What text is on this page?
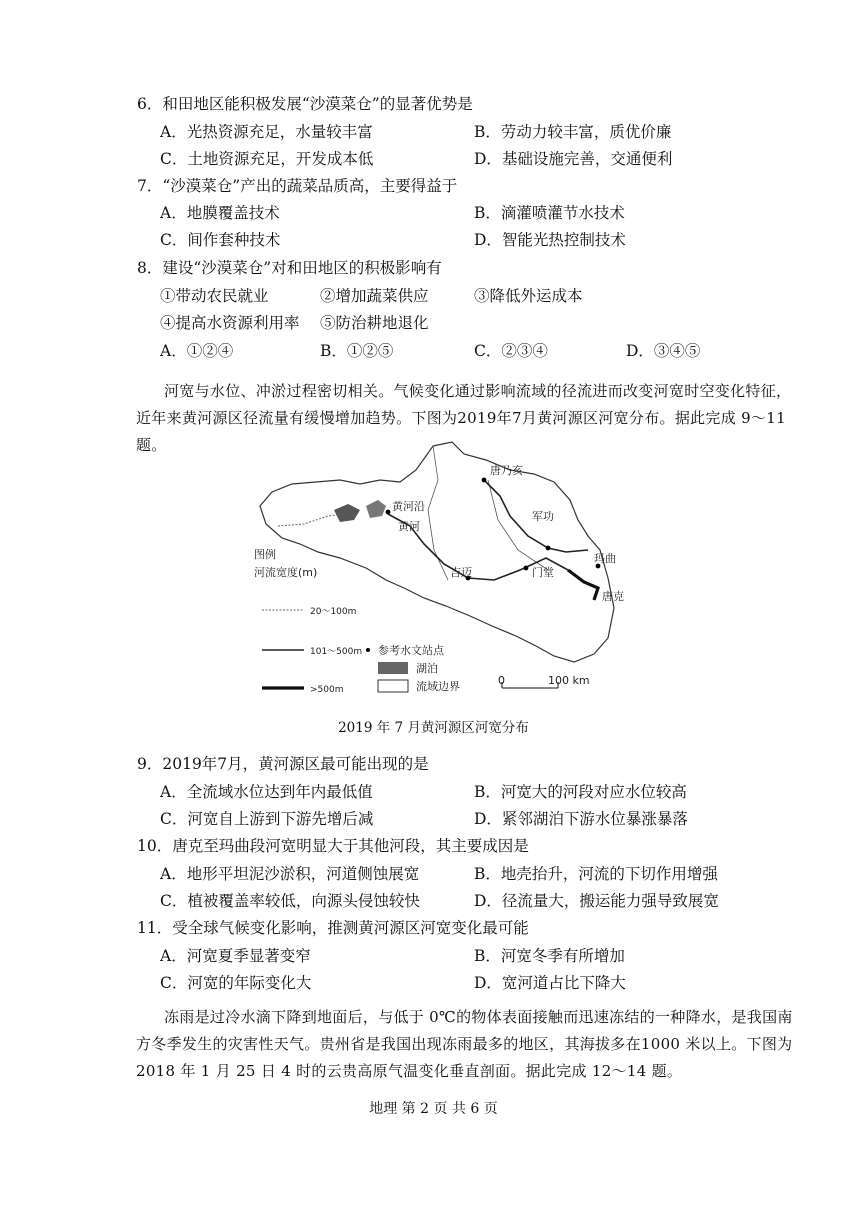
6．和田地区能积极发展“沙漠菜仓”的显著优势是
A．光热资源充足，水量较丰富	B．劳动力较丰富，质优价廉
C．土地资源充足，开发成本低	D．基础设施完善，交通便利
7．“沙漠菜仓”产出的蔬菜品质高，主要得益于
A．地膜覆盖技术	B．滴灌喷灌节水技术
C．间作套种技术	D．智能光热控制技术
8．建设“沙漠菜仓”对和田地区的积极影响有
①带动农民就业	②增加蔬菜供应	③降低外运成本
④提高水资源利用率 ⑤防治耕地退化
A．①②④	B．①②⑤	C．②③④	D．③④⑤
河宽与水位、冲淤过程密切相关。气候变化通过影响流域的径流进而改变河宽时空变化特征，近年来黄河源区径流量有缓慢增加趋势。下图为2019年7月黄河源区河宽分布。据此完成 9～11 题。
唐乃亥
玛曲
军功
吉迈	门堂
唐克
黄河沿
黄河
图例
河流宽度(m)
20～100m
101～500m
>500m
参考水文站点
湖泊
流域边界	0	100 km
2019 年 7 月黄河源区河宽分布
9．2019年7月，黄河源区最可能出现的是
A．全流域水位达到年内最低值	B．河宽大的河段对应水位较高
C．河宽自上游到下游先增后减	D．紧邻湖泊下游水位暴涨暴落
10．唐克至玛曲段河宽明显大于其他河段，其主要成因是
A．地形平坦泥沙淤积，河道侧蚀展宽	B．地壳抬升，河流的下切作用增强
C．植被覆盖率较低，向源头侵蚀较快	D．径流量大，搬运能力强导致展宽
11．受全球气候变化影响，推测黄河源区河宽变化最可能
A．河宽夏季显著变窄	B．河宽冬季有所增加
C．河宽的年际变化大	D．宽河道占比下降大
冻雨是过冷水滴下降到地面后，与低于 0℃的物体表面接触而迅速冻结的一种降水，是我国南方冬季发生的灾害性天气。贵州省是我国出现冻雨最多的地区，其海拔多在1000 米以上。下图为 2018 年 1 月 25 日 4 时的云贵高原气温变化垂直剖面。据此完成 12～14 题。
地理 第 2 页 共 6 页
